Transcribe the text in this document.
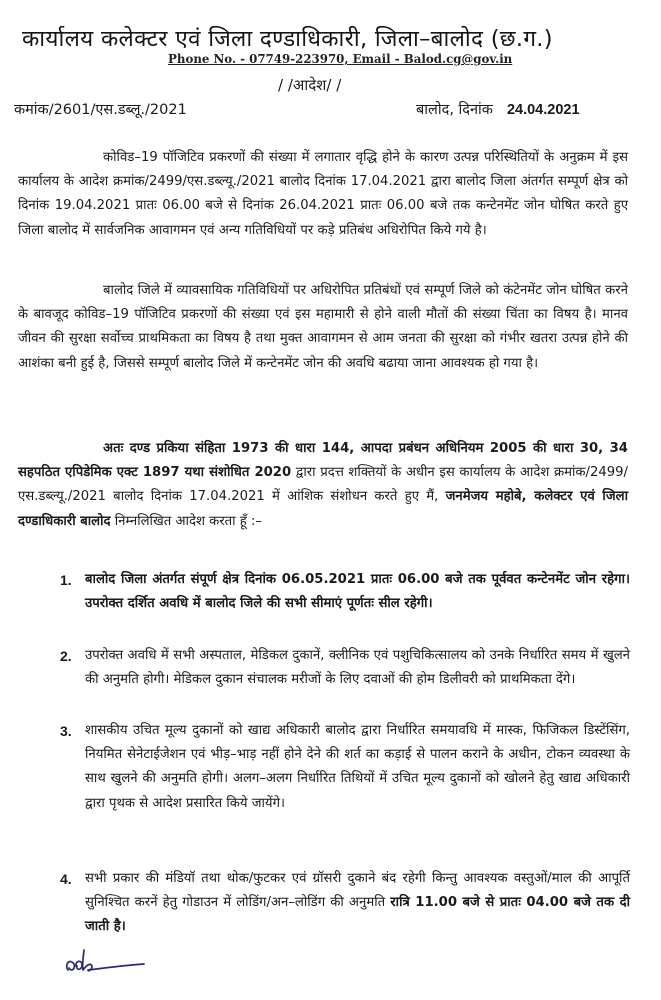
कार्यालय कलेक्टर एवं जिला दण्डाधिकारी, जिला–बालोद (छ.ग.)
Phone No. - 07749-223970, Email - Balod.cg@gov.in
/ /आदेश/ /
कमांक/2601/एस.डब्लू./2021	बालोद, दिनांक 24.04.2021
कोविड–19 पॉजिटिव प्रकरणों की संख्या में लगातार वृद्धि होने के कारण उत्पन्न परिस्थितियों के अनुक्रम में इस कार्यालय के आदेश क्रमांक/2499/एस.डब्ल्यू./2021 बालोद दिनांक 17.04.2021 द्वारा बालोद जिला अंतर्गत सम्पूर्ण क्षेत्र को दिनांक 19.04.2021 प्रातः 06.00 बजे से दिनांक 26.04.2021 प्रातः 06.00 बजे तक कन्टेनमेंट जोन घोषित करते हुए जिला बालोद में सार्वजनिक आवागमन एवं अन्य गतिविधियों पर कड़े प्रतिबंध अधिरोपित किये गये है।
बालोद जिले में व्यावसायिक गतिविधियों पर अधिरोपित प्रतिबंधों एवं सम्पूर्ण जिले को कंटेनमेंट जोन घोषित करने के बावजूद कोविड–19 पॉजिटिव प्रकरणों की संख्या एवं इस महामारी से होने वाली मौतों की संख्या चिंता का विषय है। मानव जीवन की सुरक्षा सर्वोच्च प्राथमिकता का विषय है तथा मुक्त आवागमन से आम जनता की सुरक्षा को गंभीर खतरा उत्पन्न होने की आशंका बनी हुई है, जिससे सम्पूर्ण बालोद जिले में कन्टेनमेंट जोन की अवधि बढाया जाना आवश्यक हो गया है।
अतः दण्ड प्रकिया संहिता 1973 की धारा 144, आपदा प्रबंधन अधिनियम 2005 की धारा 30, 34 सहपठित एपिडेमिक एक्ट 1897 यथा संशोधित 2020 द्वारा प्रदत्त शक्तियों के अधीन इस कार्यालय के आदेश क्रमांक/2499/एस.डब्ल्यू./2021 बालोद दिनांक 17.04.2021 में आंशिक संशोधन करते हुए मैं, जनमेजय महोबे, कलेक्टर एवं जिला दण्डाधिकारी बालोद निम्नलिखित आदेश करता हूँ :–
1. बालोद जिला अंतर्गत संपूर्ण क्षेत्र दिनांक 06.05.2021 प्रातः 06.00 बजे तक पूर्ववत कन्टेनमेंट जोन रहेगा। उपरोक्त दर्शित अवधि में बालोद जिले की सभी सीमाएं पूर्णतः सील रहेगी।
2. उपरोक्त अवधि में सभी अस्पताल, मेडिकल दुकानें, क्लीनिक एवं पशुचिकित्सालय को उनके निर्धारित समय में खुलने की अनुमति होगी। मेडिकल दुकान संचालक मरीजों के लिए दवाओं की होम डिलीवरी को प्राथमिकता देंगे।
3. शासकीय उचित मूल्य दुकानों को खाद्य अधिकारी बालोद द्वारा निर्धारित समयावधि में मास्क, फिजिकल डिस्टेंसिंग, नियमित सेनेटाईजेशन एवं भीड़–भाड़ नहीं होने देने की शर्त का कड़ाई से पालन कराने के अधीन, टोकन व्यवस्था के साथ खुलने की अनुमति होगी। अलग–अलग निर्धारित तिथियों में उचित मूल्य दुकानों को खोलने हेतु खाद्य अधिकारी द्वारा पृथक से आदेश प्रसारित किये जायेंगे।
4. सभी प्रकार की मंडियॉ तथा थोक/फुटकर एवं ग्रॉसरी दुकाने बंद रहेगी किन्तु आवश्यक वस्तुओं/माल की आपूर्ति सुनिश्चित करनें हेतु गोडाउन में लोडिंग/अन–लोडिंग की अनुमति रात्रि 11.00 बजे से प्रातः 04.00 बजे तक दी जाती है।
